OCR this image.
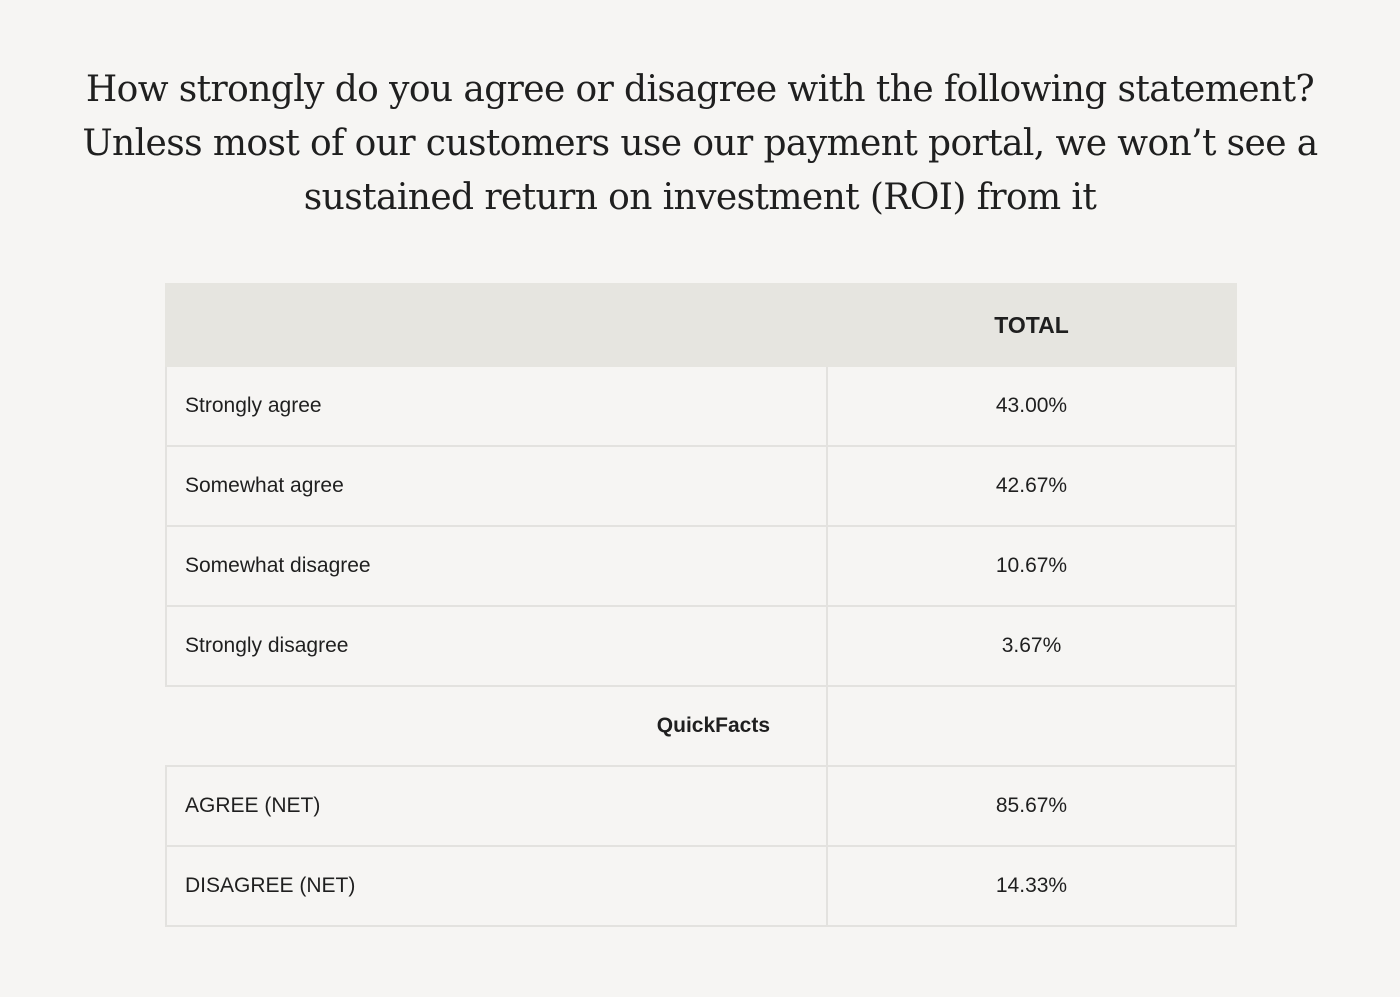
How strongly do you agree or disagree with the following statement? Unless most of our customers use our payment portal, we won’t see a sustained return on investment (ROI) from it
	TOTAL
Strongly agree	43.00%
Somewhat agree	42.67%
Somewhat disagree	10.67%
Strongly disagree	3.67%
QuickFacts	
AGREE (NET)	85.67%
DISAGREE (NET)	14.33%
